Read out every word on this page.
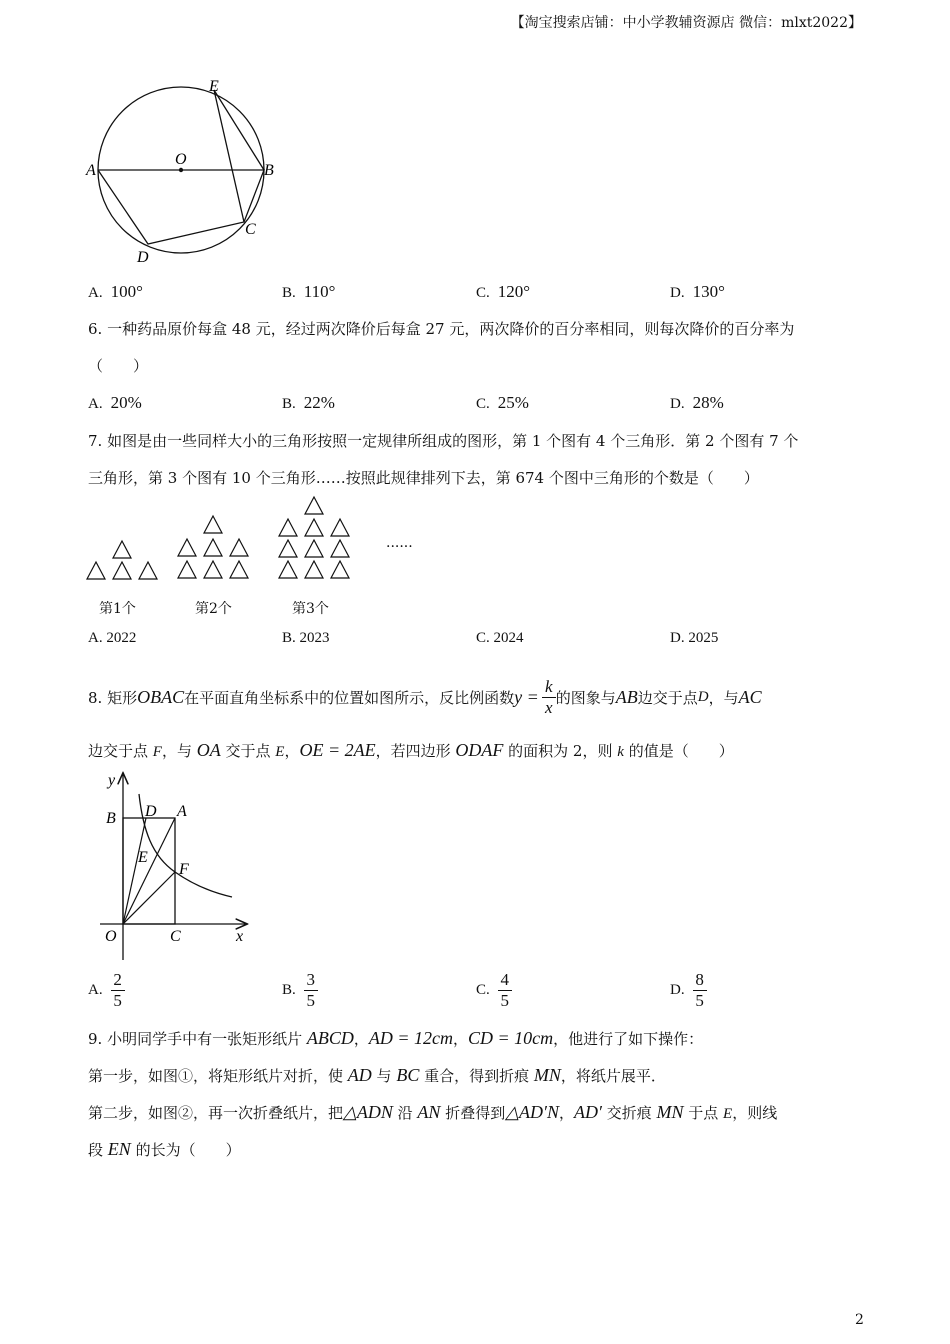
【淘宝搜索店铺：中小学教辅资源店 微信：mlxt2022】
E
O
A	B
C
D
A. 100°	B. 110°	C. 120°	D. 130°
6. 一种药品原价每盒 48 元，经过两次降价后每盒 27 元，两次降价的百分率相同，则每次降价的百分率为
（　　）
A. 20%	B. 22%	C. 25%	D. 28%
7. 如图是由一些同样大小的三角形按照一定规律所组成的图形，第 1 个图有 4 个三角形．第 2 个图有 7 个
三角形，第 3 个图有 10 个三角形……按照此规律排列下去，第 674 个图中三角形的个数是（　　）
......
第1个	第2个	第3个
A. 2022	B. 2023	C. 2024	D. 2025
8. 矩形 OBAC 在平面直角坐标系中的位置如图所示，反比例函数 $y = \frac{k}{x}$ 的图象与 AB 边交于点 D ，与 AC
边交于点 F，与 OA 交于点 E，OE = 2AE，若四边形 ODAF 的面积为 2，则 k 的值是（　　）
y
B D A
E
F
O	C	x
A. $\frac{2}{5}$	B. $\frac{3}{5}$	C. $\frac{4}{5}$	D. $\frac{8}{5}$
9. 小明同学手中有一张矩形纸片 ABCD，AD = 12cm，CD = 10cm，他进行了如下操作：
第一步，如图①，将矩形纸片对折，使 AD 与 BC 重合，得到折痕 MN，将纸片展平．
第二步，如图②，再一次折叠纸片，把△ADN 沿 AN 折叠得到△AD′N，AD′ 交折痕 MN 于点 E，则线
段 EN 的长为（　　）
2
